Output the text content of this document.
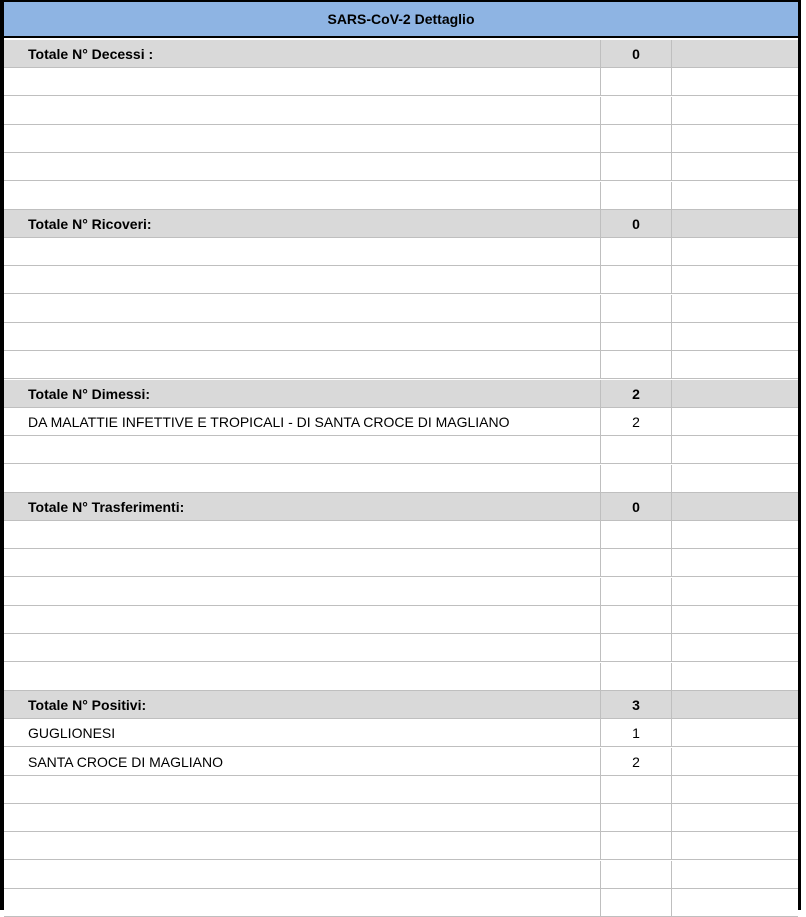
SARS-CoV-2 Dettaglio
Totale N° Decessi :	0
Totale N° Ricoveri:	0
Totale N° Dimessi:	2
DA MALATTIE INFETTIVE E TROPICALI - DI SANTA CROCE DI MAGLIANO	2
Totale N° Trasferimenti:	0
Totale N° Positivi:	3
GUGLIONESI	1
SANTA CROCE DI MAGLIANO	2
